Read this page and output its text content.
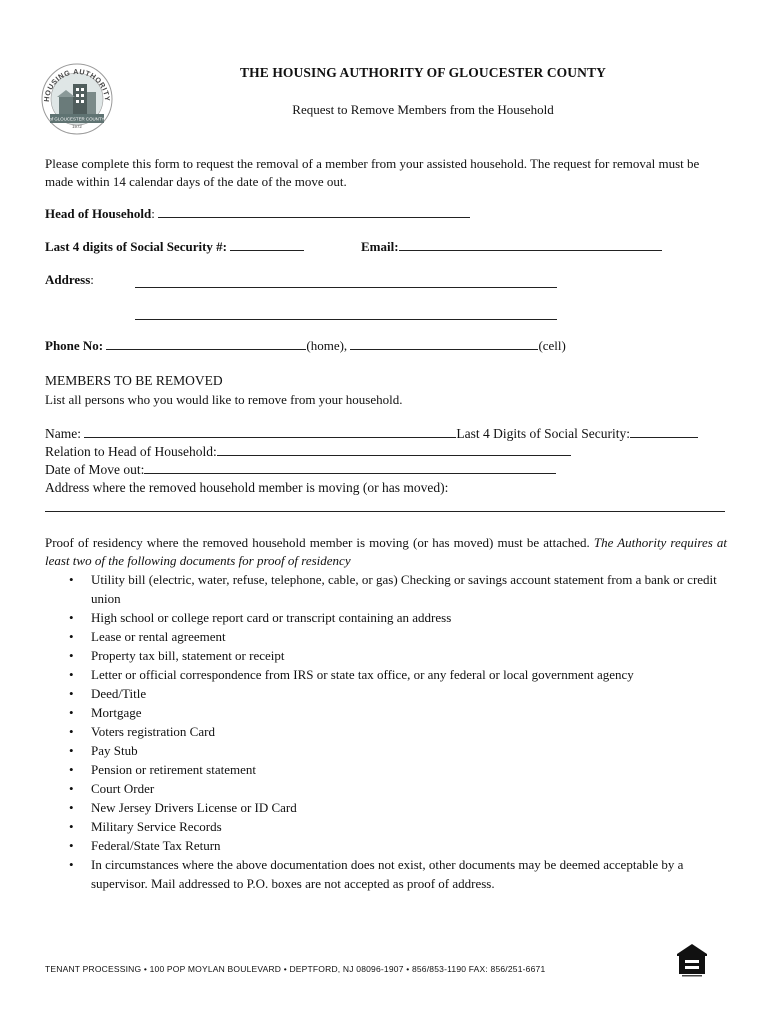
HOUSING AUTHORITY
of GLOUCESTER COUNTY
1972
THE HOUSING AUTHORITY OF GLOUCESTER COUNTY
Request to Remove Members from the Household
Please complete this form to request the removal of a member from your assisted household. The request for removal must be made within 14 calendar days of the date of the move out.
Head of Household:
Last 4 digits of Social Security #:	Email:
Address:
Phone No:	(home),	(cell)
MEMBERS TO BE REMOVED
List all persons who you would like to remove from your household.
Name:	Last 4 Digits of Social Security:
Relation to Head of Household:
Date of Move out:
Address where the removed household member is moving (or has moved):
Proof of residency where the removed household member is moving (or has moved) must be attached. The Authority requires at least two of the following documents for proof of residency
• Utility bill (electric, water, refuse, telephone, cable, or gas) Checking or savings account statement from a bank or credit union
• High school or college report card or transcript containing an address
• Lease or rental agreement
• Property tax bill, statement or receipt
• Letter or official correspondence from IRS or state tax office, or any federal or local government agency
• Deed/Title
• Mortgage
• Voters registration Card
• Pay Stub
• Pension or retirement statement
• Court Order
• New Jersey Drivers License or ID Card
• Military Service Records
• Federal/State Tax Return
• In circumstances where the above documentation does not exist, other documents may be deemed acceptable by a supervisor. Mail addressed to P.O. boxes are not accepted as proof of address.
TENANT PROCESSING • 100 POP MOYLAN BOULEVARD • DEPTFORD, NJ 08096-1907 • 856/853-1190 FAX: 856/251-6671
